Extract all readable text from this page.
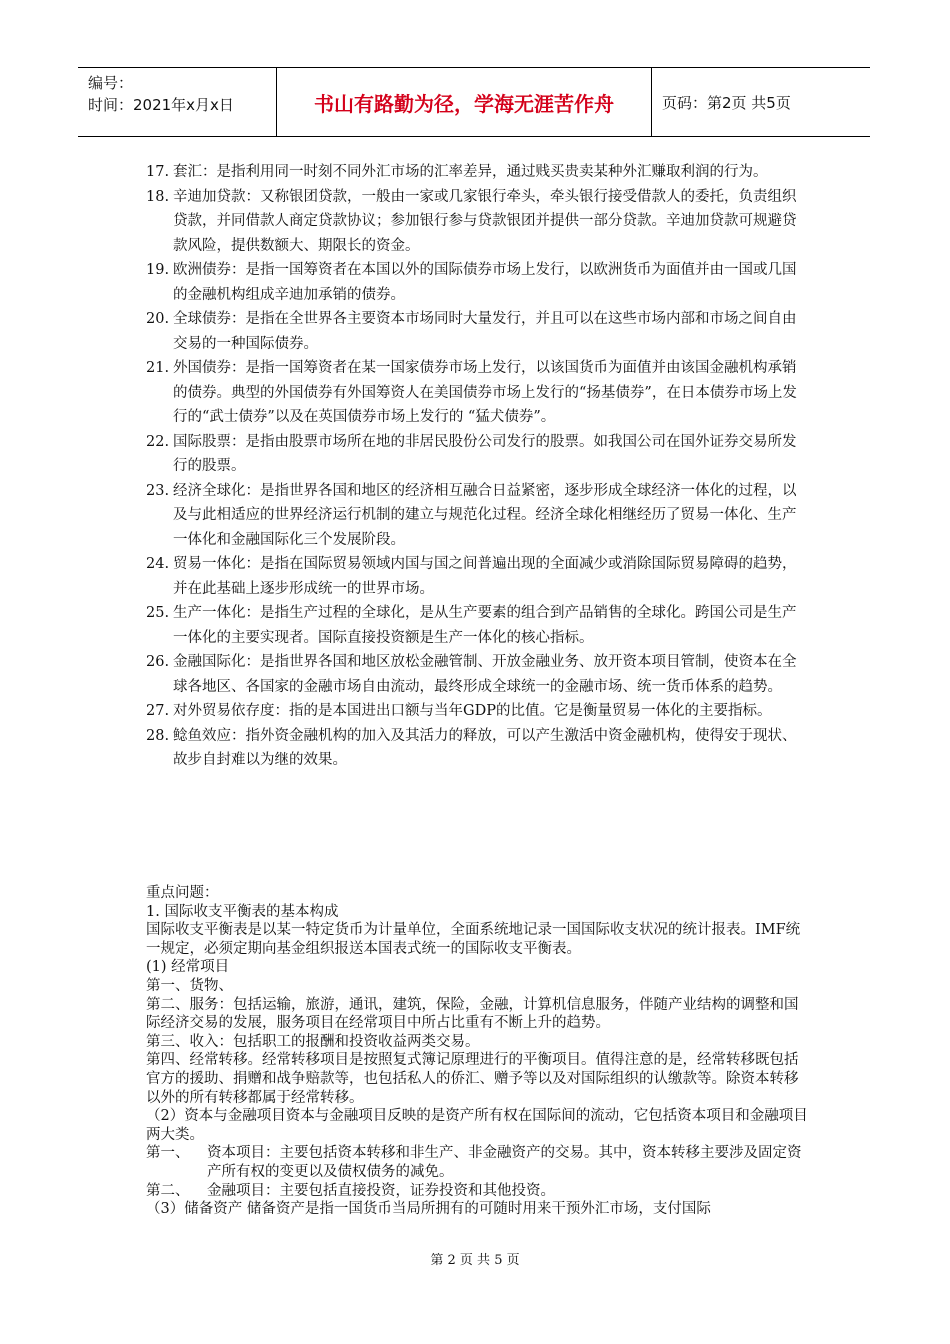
编号：
时间：2021年x月x日	书山有路勤为径，学海无涯苦作舟	页码：第2页 共5页

17. 套汇：是指利用同一时刻不同外汇市场的汇率差异，通过贱买贵卖某种外汇赚取利润的行为。

18. 辛迪加贷款：又称银团贷款，一般由一家或几家银行牵头，牵头银行接受借款人的委托，负责组织贷款，并同借款人商定贷款协议；参加银行参与贷款银团并提供一部分贷款。辛迪加贷款可规避贷款风险，提供数额大、期限长的资金。

19. 欧洲债券：是指一国筹资者在本国以外的国际债券市场上发行，以欧洲货币为面值并由一国或几国的金融机构组成辛迪加承销的债券。

20. 全球债券：是指在全世界各主要资本市场同时大量发行，并且可以在这些市场内部和市场之间自由交易的一种国际债券。

21. 外国债券：是指一国筹资者在某一国家债券市场上发行，以该国货币为面值并由该国金融机构承销的债券。典型的外国债券有外国筹资人在美国债券市场上发行的“扬基债券”，在日本债券市场上发行的“武士债券”以及在英国债券市场上发行的 “猛犬债券”。

22. 国际股票：是指由股票市场所在地的非居民股份公司发行的股票。如我国公司在国外证券交易所发行的股票。

23. 经济全球化：是指世界各国和地区的经济相互融合日益紧密，逐步形成全球经济一体化的过程，以及与此相适应的世界经济运行机制的建立与规范化过程。经济全球化相继经历了贸易一体化、生产一体化和金融国际化三个发展阶段。

24. 贸易一体化：是指在国际贸易领域内国与国之间普遍出现的全面减少或消除国际贸易障碍的趋势，并在此基础上逐步形成统一的世界市场。

25. 生产一体化：是指生产过程的全球化，是从生产要素的组合到产品销售的全球化。跨国公司是生产一体化的主要实现者。国际直接投资额是生产一体化的核心指标。

26. 金融国际化：是指世界各国和地区放松金融管制、开放金融业务、放开资本项目管制，使资本在全球各地区、各国家的金融市场自由流动，最终形成全球统一的金融市场、统一货币体系的趋势。

27. 对外贸易依存度：指的是本国进出口额与当年GDP的比值。它是衡量贸易一体化的主要指标。

28. 鲶鱼效应：指外资金融机构的加入及其活力的释放，可以产生激活中资金融机构，使得安于现状、故步自封难以为继的效果。

重点问题：

1. 国际收支平衡表的基本构成

国际收支平衡表是以某一特定货币为计量单位，全面系统地记录一国国际收支状况的统计报表。IMF统一规定，必须定期向基金组织报送本国表式统一的国际收支平衡表。

(1) 经常项目

第一、货物、

第二、服务：包括运输，旅游，通讯，建筑，保险，金融，计算机信息服务，伴随产业结构的调整和国际经济交易的发展，服务项目在经常项目中所占比重有不断上升的趋势。

第三、收入：包括职工的报酬和投资收益两类交易。

第四、经常转移。经常转移项目是按照复式簿记原理进行的平衡项目。值得注意的是，经常转移既包括官方的援助、捐赠和战争赔款等，也包括私人的侨汇、赠予等以及对国际组织的认缴款等。除资本转移以外的所有转移都属于经常转移。

（2）资本与金融项目资本与金融项目反映的是资产所有权在国际间的流动，它包括资本项目和金融项目两大类。

第一、 资本项目：主要包括资本转移和非生产、非金融资产的交易。其中，资本转移主要涉及固定资产所有权的变更以及债权债务的减免。

第二、 金融项目：主要包括直接投资，证券投资和其他投资。

（3）储备资产 储备资产是指一国货币当局所拥有的可随时用来干预外汇市场，支付国际

第 2 页 共 5 页
